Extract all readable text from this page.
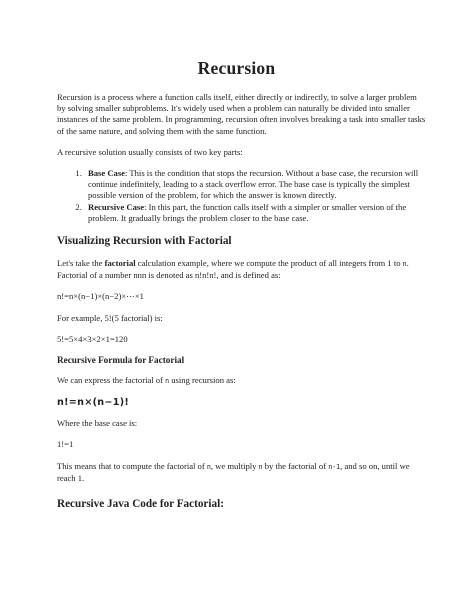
Recursion

Recursion is a process where a function calls itself, either directly or indirectly, to solve a larger problem by solving smaller subproblems. It's widely used when a problem can naturally be divided into smaller instances of the same problem. In programming, recursion often involves breaking a task into smaller tasks of the same nature, and solving them with the same function.

A recursive solution usually consists of two key parts:

1. Base Case: This is the condition that stops the recursion. Without a base case, the recursion will continue indefinitely, leading to a stack overflow error. The base case is typically the simplest possible version of the problem, for which the answer is known directly.
2. Recursive Case: In this part, the function calls itself with a simpler or smaller version of the problem. It gradually brings the problem closer to the base case.
Visualizing Recursion with Factorial

Let's take the factorial calculation example, where we compute the product of all integers from 1 to n. Factorial of a number nnn is denoted as n!n!n!, and is defined as:

n!=n×(n−1)×(n−2)×⋯×1

For example, 5!(5 factorial) is:

5!=5×4×3×2×1=120

Recursive Formula for Factorial

We can express the factorial of n using recursion as:

n!=n×(n−1)!

Where the base case is:

1!=1

This means that to compute the factorial of n, we multiply n by the factorial of n-1, and so on, until we reach 1.

Recursive Java Code for Factorial:
